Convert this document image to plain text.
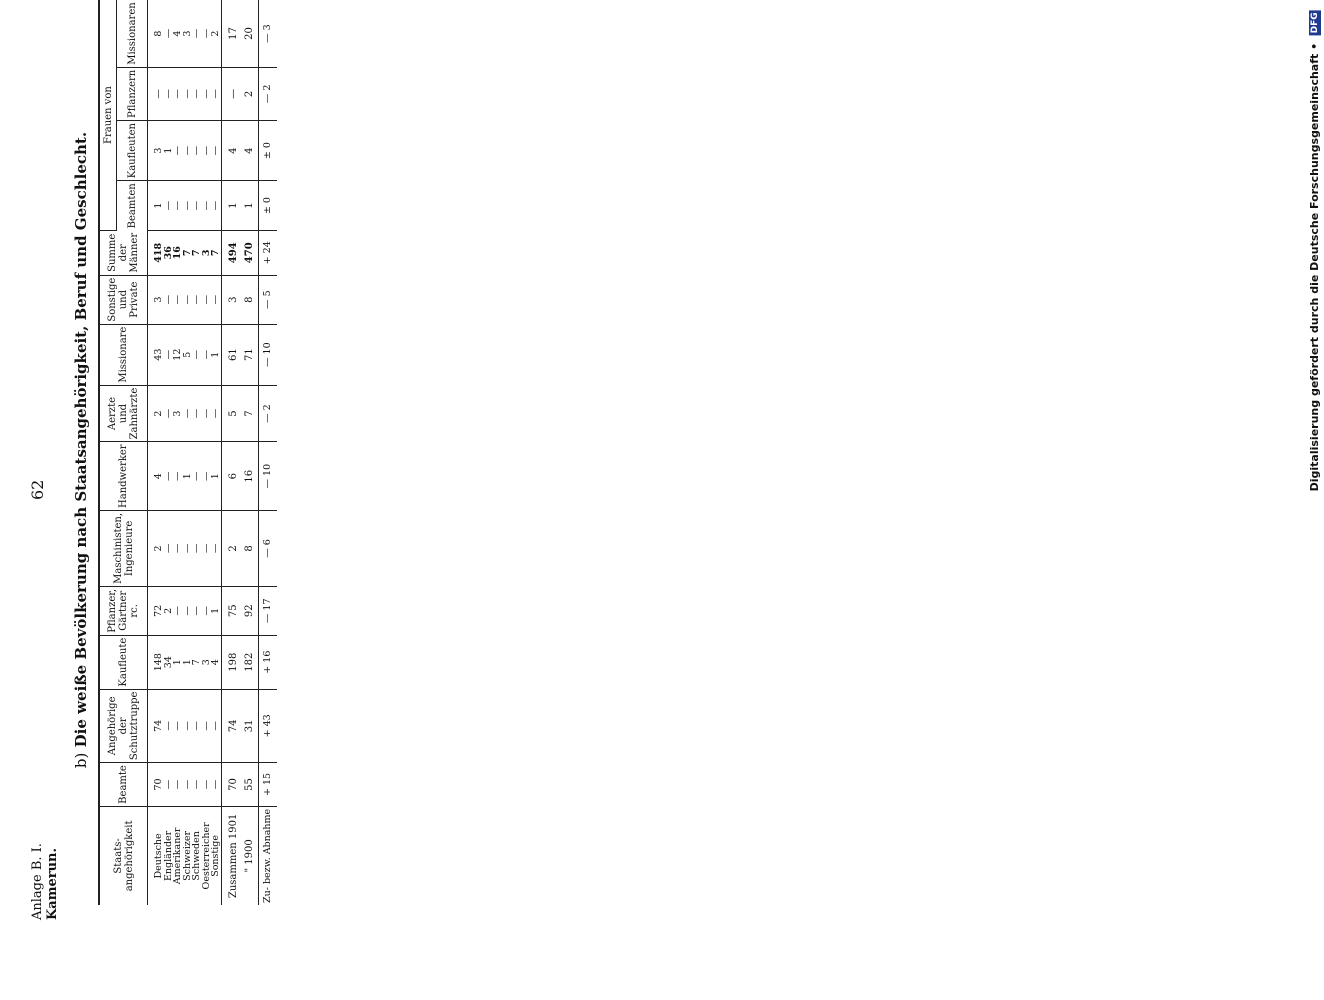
Anlage B. I. Kamerun.
62
b) Die weiße Bevölkerung nach Staatsangehörigkeit, Beruf und Geschlecht.
Staats-angehörigkeit	Beamte	Angehörige der Schutztruppe	Kaufleute	Pflanzer, Gärtner rc.	Maschinisten, Ingenieure	Handwerker	Aerzte und Zahnärzte	Missionare	Sonstige und Private	Summe der Männer	Frauen von						
											Beamten	Kaufleuten	Pflanzern	Missionaren						
Deutsche	70	74	148	72	2	4	2	43	3	418	1	3	—	8						
Engländer	—	—	34	2	—	—	—	—	—	36	—	1	—	—						
Amerikaner	—	—	1	—	—	—	3	12	—	16	—	—	—	4						
Schweizer	—	—	1	—	—	1	—	5	—	7	—	—	—	3						
Schweden	—	—	7	—	—	—	—	—	—	7	—	—	—	—						
Oesterreicher	—	—	3	—	—	—	—	—	—	3	—	—	—	—						
Sonstige	—	—	4	1	—	1	—	1	—	7	—	—	—	2						
Zusammen 1901	70	74	198	75	2	6	5	61	3	494	1	4	—	17						
" 1900	55	31	182	92	8	16	7	71	8	470	1	4	2	20						
Zu- bezw. Abnahme	+ 15	+ 43	+ 16	— 17	— 6	— 10	— 2	— 10	— 5	+ 24	± 0	± 0	— 2	— 3						
Digitalisierung gefördert durch die Deutsche Forschungsgemeinschaft • DFG
